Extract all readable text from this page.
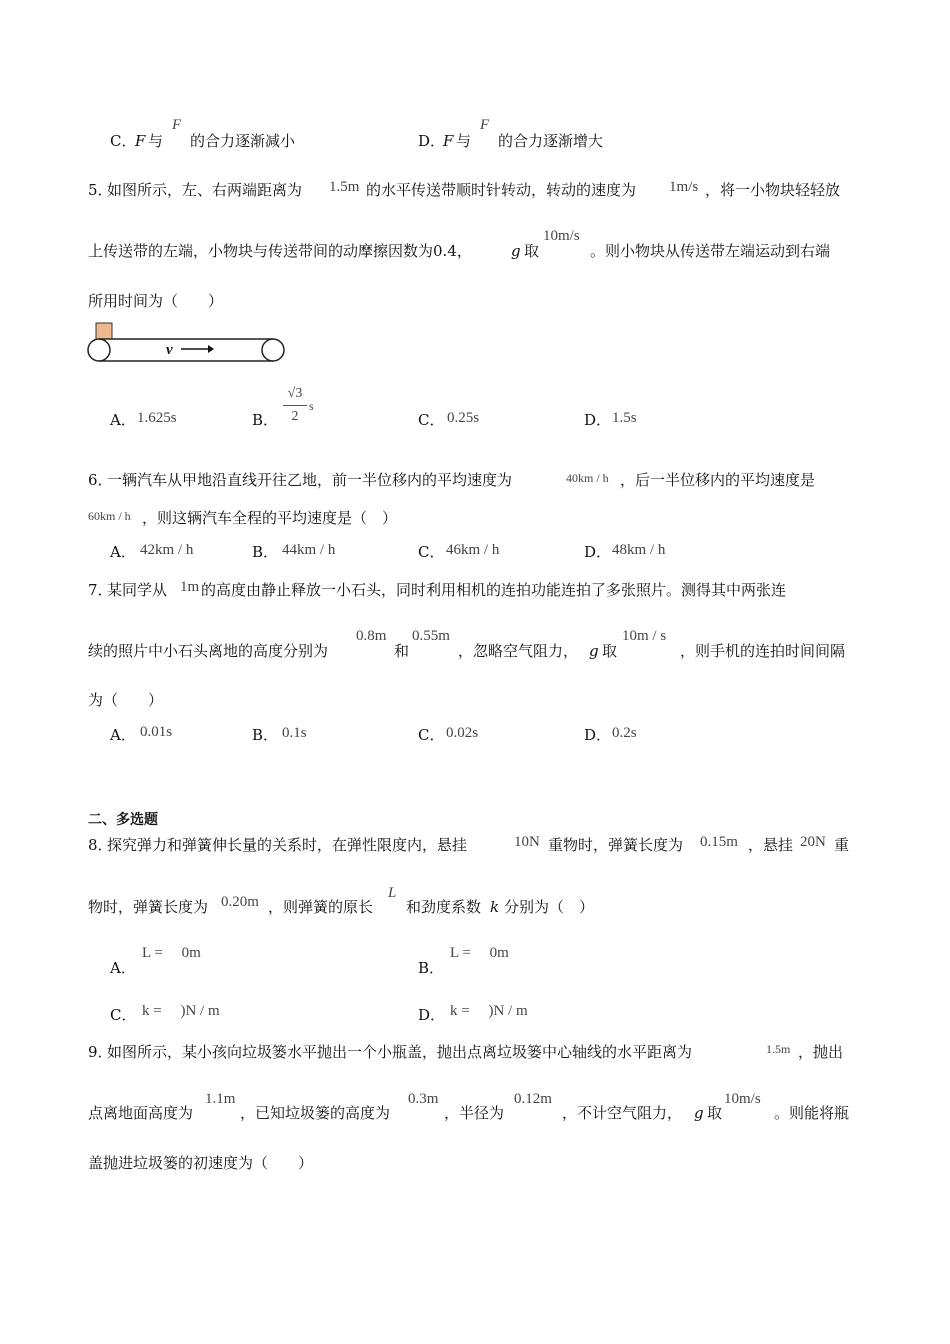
C．
F 与
F
的合力逐渐减小	D．
F 与
F
的合力逐渐增大
5．
如图所示，左、右两端距离为 1.5m 的水平传送带顺时针转动，转动的速度为 1m/s ，将一小物块轻轻放
上传送带的左端，小物块与传送带间的动摩擦因数为0.4，	g 取
10m/s
。则小物块从传送带左端运动到右端
所用时间为（　　）
v
A． 1.625s	B．
√3
2
s
C． 0.25s	D． 1.5s
6．
一辆汽车从甲地沿直线开往乙地，前一半位移内的平均速度为	40km / h ，后一半位移内的平均速度是
60km / h ，则这辆汽车全程的平均速度是（　）
A． 42km / h	B． 44km / h	C． 46km / h	D． 48km / h
7．
某同学从 1m 的高度由静止释放一小石头，同时利用相机的连拍功能连拍了多张照片。测得其中两张连
续的照片中小石头离地的高度分别为
0.8m
和
0.55m
，忽略空气阻力， g 取
10m / s
，则手机的连拍时间间隔
为（　　）
A． 0.01s	B． 0.1s	C． 0.02s	D． 0.2s
二、多选题
8．
探究弹力和弹簧伸长量的关系时，在弹性限度内，悬挂	10N 重物时，弹簧长度为 0.15m ，悬挂 20N 重
物时，弹簧长度为 0.20m ，则弹簧的原长
L
和劲度系数 k 分别为（　）
A．
L =　 0m
B．
L =　 0m
C． k =　 )N / m	D． k =　 )N / m
9．
如图所示，某小孩向垃圾篓水平抛出一个小瓶盖，抛出点离垃圾篓中心轴线的水平距离为	1.5m ，抛出
点离地面高度为
1.1m
，已知垃圾篓的高度为
0.3m
，半径为
0.12m
，不计空气阻力， g 取
10m/s
。则能将瓶
盖抛进垃圾篓的初速度为（　　）
